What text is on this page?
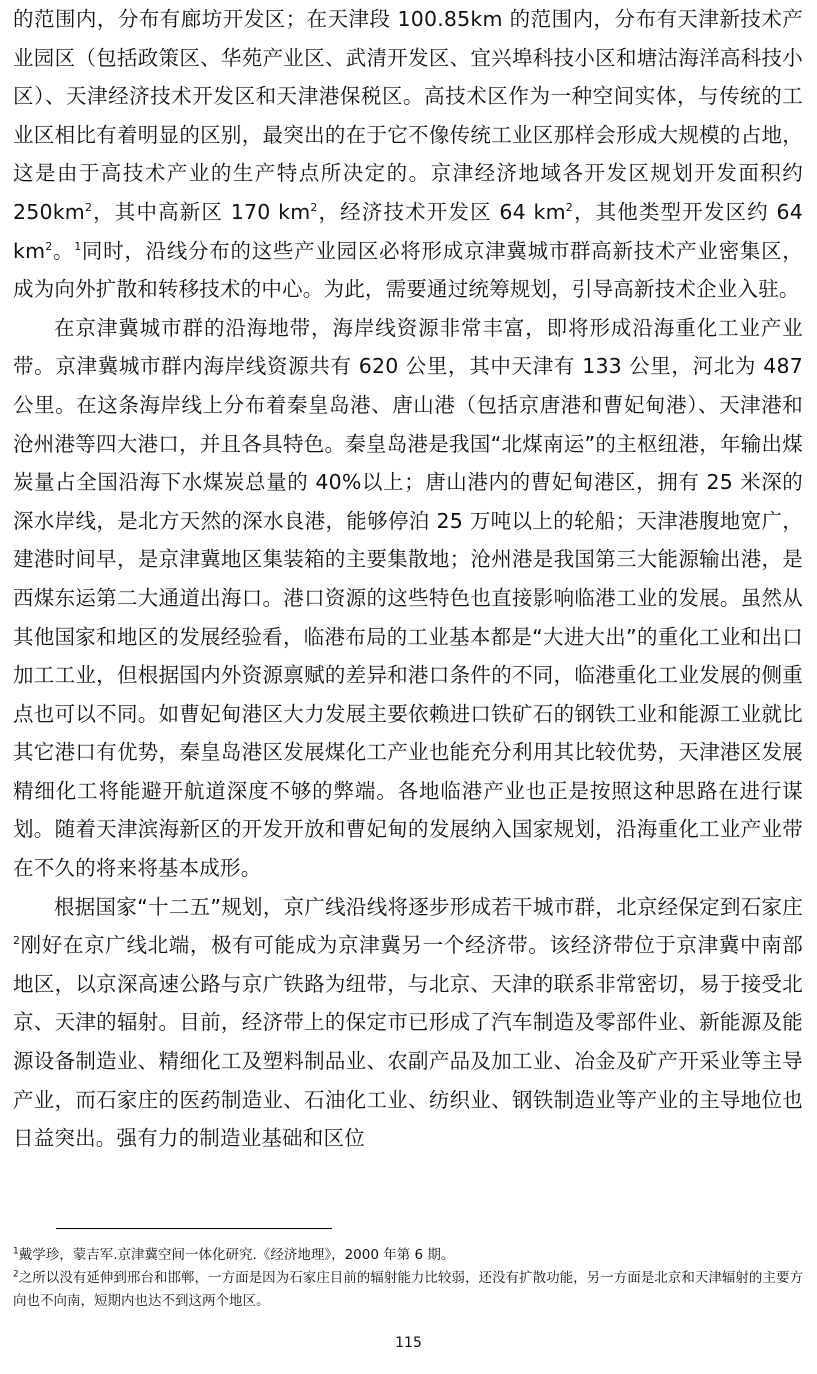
的范围内，分布有廊坊开发区；在天津段 100.85km 的范围内，分布有天津新技术产业园区（包括政策区、华苑产业区、武清开发区、宜兴埠科技小区和塘沽海洋高科技小区）、天津经济技术开发区和天津港保税区。高技术区作为一种空间实体，与传统的工业区相比有着明显的区别，最突出的在于它不像传统工业区那样会形成大规模的占地，这是由于高技术产业的生产特点所决定的。京津经济地域各开发区规划开发面积约 $250km^2$，其中高新区 170 $km^2$，经济技术开发区 64 $km^2$，其他类型开发区约 64 $km^2$。$^1$同时，沿线分布的这些产业园区必将形成京津冀城市群高新技术产业密集区，成为向外扩散和转移技术的中心。为此，需要通过统筹规划，引导高新技术企业入驻。

在京津冀城市群的沿海地带，海岸线资源非常丰富，即将形成沿海重化工业产业带。京津冀城市群内海岸线资源共有 620 公里，其中天津有 133 公里，河北为 487 公里。在这条海岸线上分布着秦皇岛港、唐山港（包括京唐港和曹妃甸港）、天津港和沧州港等四大港口，并且各具特色。秦皇岛港是我国“北煤南运”的主枢纽港，年输出煤炭量占全国沿海下水煤炭总量的 40%以上；唐山港内的曹妃甸港区，拥有 25 米深的深水岸线，是北方天然的深水良港，能够停泊 25 万吨以上的轮船；天津港腹地宽广，建港时间早，是京津冀地区集装箱的主要集散地；沧州港是我国第三大能源输出港，是西煤东运第二大通道出海口。港口资源的这些特色也直接影响临港工业的发展。虽然从其他国家和地区的发展经验看，临港布局的工业基本都是“大进大出”的重化工业和出口加工工业，但根据国内外资源禀赋的差异和港口条件的不同，临港重化工业发展的侧重点也可以不同。如曹妃甸港区大力发展主要依赖进口铁矿石的钢铁工业和能源工业就比其它港口有优势，秦皇岛港区发展煤化工产业也能充分利用其比较优势，天津港区发展精细化工将能避开航道深度不够的弊端。各地临港产业也正是按照这种思路在进行谋划。随着天津滨海新区的开发开放和曹妃甸的发展纳入国家规划，沿海重化工业产业带在不久的将来将基本成形。

根据国家“十二五”规划，京广线沿线将逐步形成若干城市群，北京经保定到石家庄$^2$刚好在京广线北端，极有可能成为京津冀另一个经济带。该经济带位于京津冀中南部地区，以京深高速公路与京广铁路为纽带，与北京、天津的联系非常密切，易于接受北京、天津的辐射。目前，经济带上的保定市已形成了汽车制造及零部件业、新能源及能源设备制造业、精细化工及塑料制品业、农副产品及加工业、冶金及矿产开采业等主导产业，而石家庄的医药制造业、石油化工业、纺织业、钢铁制造业等产业的主导地位也日益突出。强有力的制造业基础和区位

$^1$戴学珍，蒙吉军.京津冀空间一体化研究.《经济地理》，2000 年第 6 期。

$^2$之所以没有延伸到邢台和邯郸，一方面是因为石家庄目前的辐射能力比较弱，还没有扩散功能，另一方面是北京和天津辐射的主要方向也不向南，短期内也达不到这两个地区。

115
